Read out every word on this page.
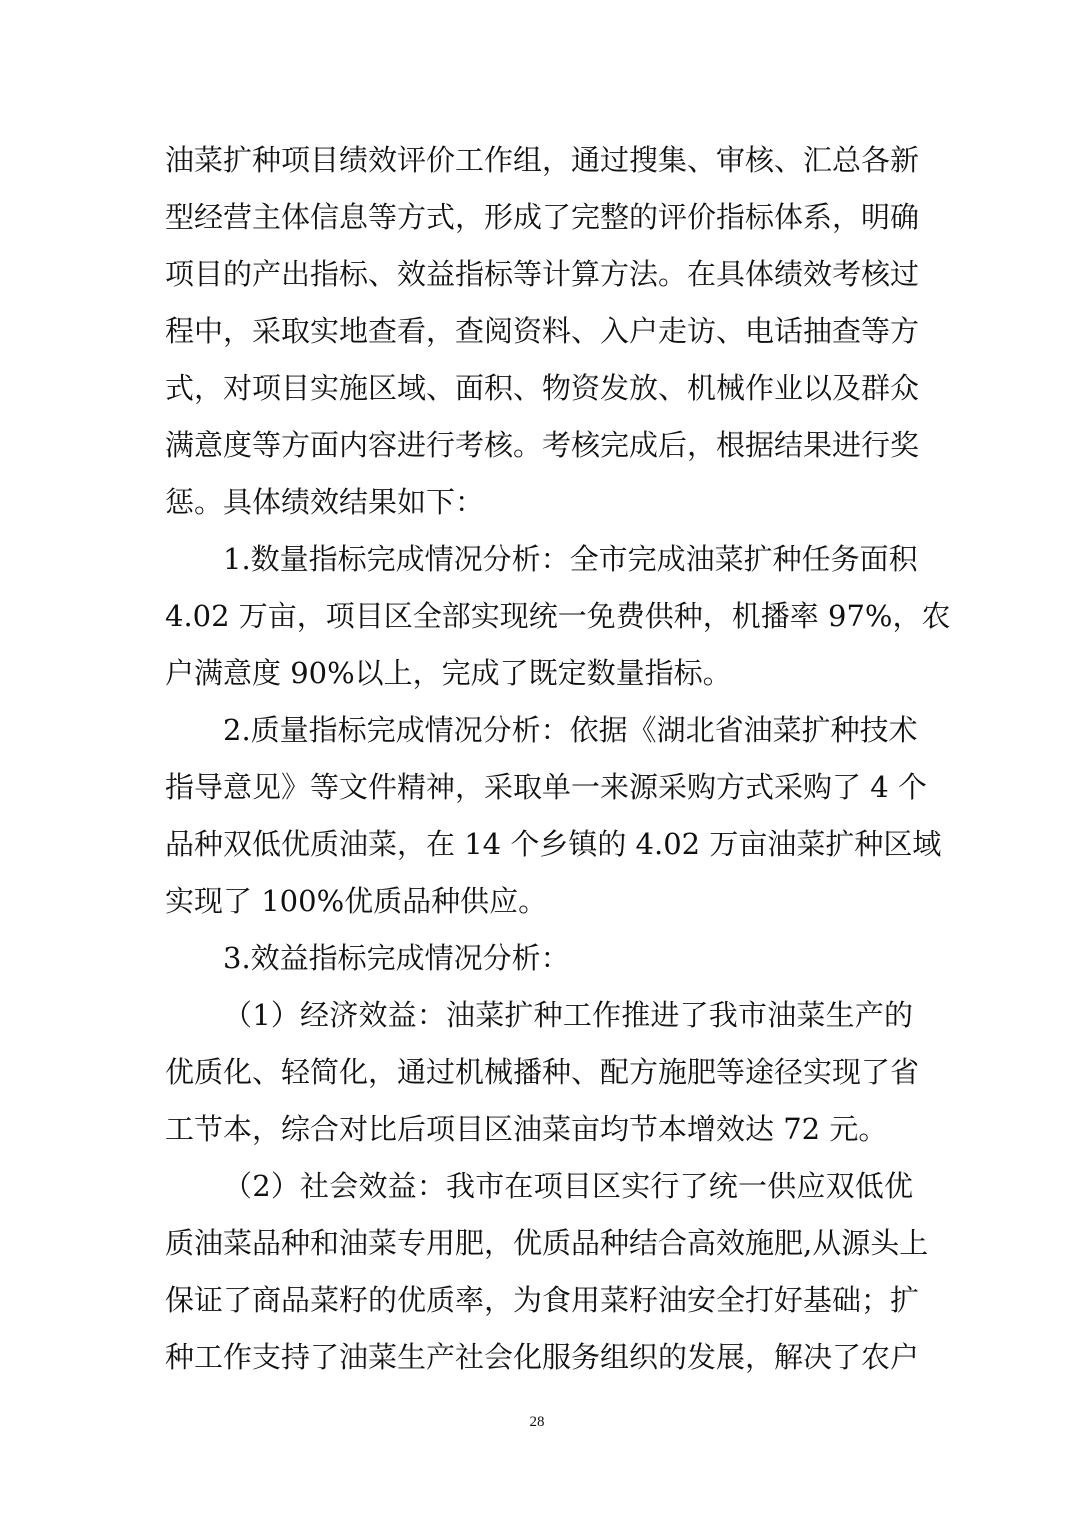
油菜扩种项目绩效评价工作组，通过搜集、审核、汇总各新
型经营主体信息等方式，形成了完整的评价指标体系，明确
项目的产出指标、效益指标等计算方法。在具体绩效考核过
程中，采取实地查看，查阅资料、入户走访、电话抽查等方
式，对项目实施区域、面积、物资发放、机械作业以及群众
满意度等方面内容进行考核。考核完成后，根据结果进行奖
惩。具体绩效结果如下：
1.数量指标完成情况分析：全市完成油菜扩种任务面积
4.02 万亩，项目区全部实现统一免费供种，机播率 97%，农
户满意度 90%以上，完成了既定数量指标。
2.质量指标完成情况分析：依据《湖北省油菜扩种技术
指导意见》等文件精神，采取单一来源采购方式采购了 4 个
品种双低优质油菜，在 14 个乡镇的 4.02 万亩油菜扩种区域
实现了 100%优质品种供应。
3.效益指标完成情况分析：
（1）经济效益：油菜扩种工作推进了我市油菜生产的
优质化、轻简化，通过机械播种、配方施肥等途径实现了省
工节本，综合对比后项目区油菜亩均节本增效达 72 元。
（2）社会效益：我市在项目区实行了统一供应双低优
质油菜品种和油菜专用肥，优质品种结合高效施肥,从源头上
保证了商品菜籽的优质率，为食用菜籽油安全打好基础；扩
种工作支持了油菜生产社会化服务组织的发展，解决了农户
28
